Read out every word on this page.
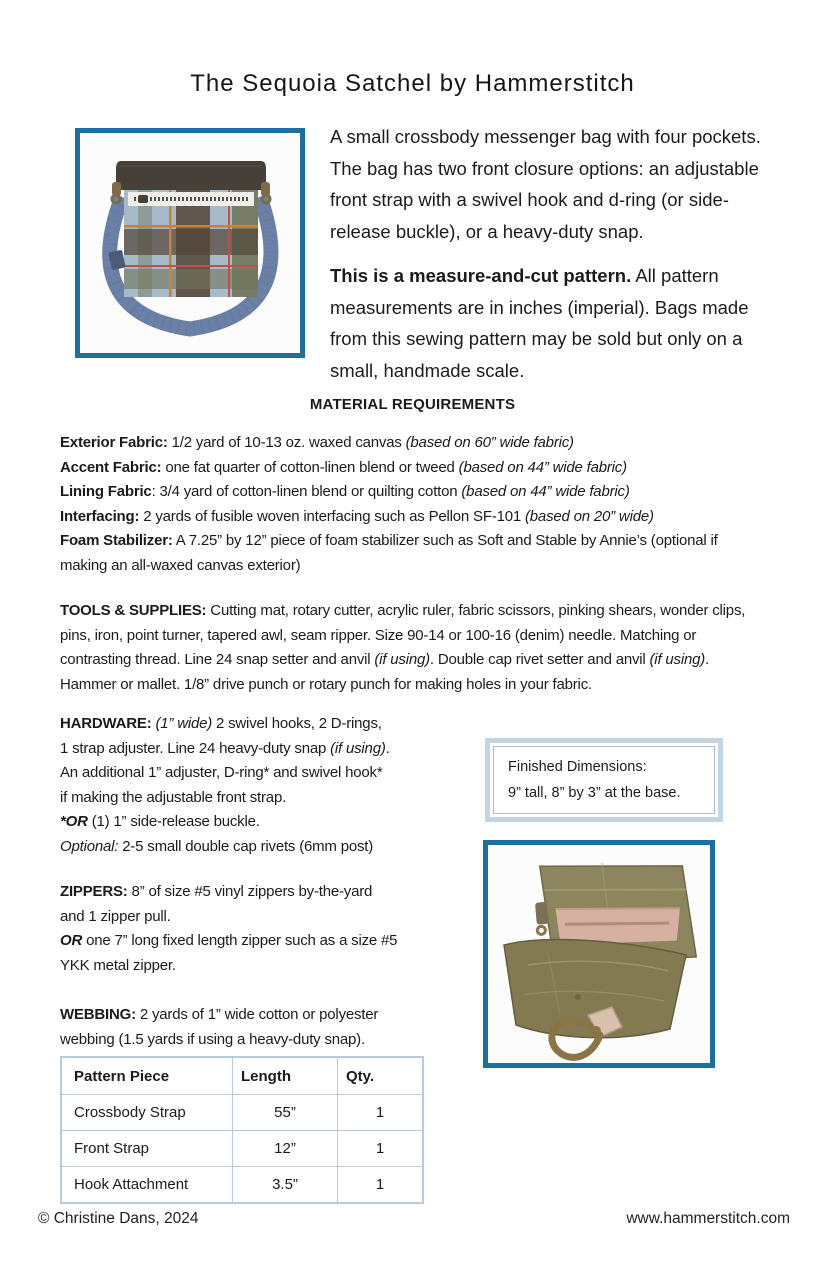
The Sequoia Satchel by Hammerstitch
A small crossbody messenger bag with four pockets.
The bag has two front closure options: an adjustable
front strap with a swivel hook and d-ring (or side-
release buckle), or a heavy-duty snap.
This is a measure-and-cut pattern. All pattern
measurements are in inches (imperial). Bags made
from this sewing pattern may be sold but only on a
small, handmade scale.
MATERIAL REQUIREMENTS
Exterior Fabric: 1/2 yard of 10-13 oz. waxed canvas (based on 60” wide fabric)
Accent Fabric: one fat quarter of cotton-linen blend or tweed (based on 44” wide fabric)
Lining Fabric: 3/4 yard of cotton-linen blend or quilting cotton (based on 44” wide fabric)
Interfacing: 2 yards of fusible woven interfacing such as Pellon SF-101 (based on 20” wide)
Foam Stabilizer: A 7.25” by 12” piece of foam stabilizer such as Soft and Stable by Annie’s (optional if
making an all-waxed canvas exterior)
TOOLS & SUPPLIES: Cutting mat, rotary cutter, acrylic ruler, fabric scissors, pinking shears, wonder clips,
pins, iron, point turner, tapered awl, seam ripper. Size 90-14 or 100-16 (denim) needle. Matching or
contrasting thread. Line 24 snap setter and anvil (if using). Double cap rivet setter and anvil (if using).
Hammer or mallet. 1/8” drive punch or rotary punch for making holes in your fabric.
HARDWARE: (1” wide) 2 swivel hooks, 2 D-rings,
1 strap adjuster. Line 24 heavy-duty snap (if using).
An additional 1” adjuster, D-ring* and swivel hook*
if making the adjustable front strap.
*OR (1) 1” side-release buckle.
Optional: 2-5 small double cap rivets (6mm post)
Finished Dimensions:
9” tall, 8” by 3” at the base.
ZIPPERS: 8” of size #5 vinyl zippers by-the-yard
and 1 zipper pull.
OR one 7” long fixed length zipper such as a size #5
YKK metal zipper.
WEBBING: 2 yards of 1” wide cotton or polyester
webbing (1.5 yards if using a heavy-duty snap).
Pattern Piece	Length	Qty.
Crossbody Strap	55”	1
Front Strap	12”	1
Hook Attachment	3.5”	1
© Christine Dans, 2024	www.hammerstitch.com
